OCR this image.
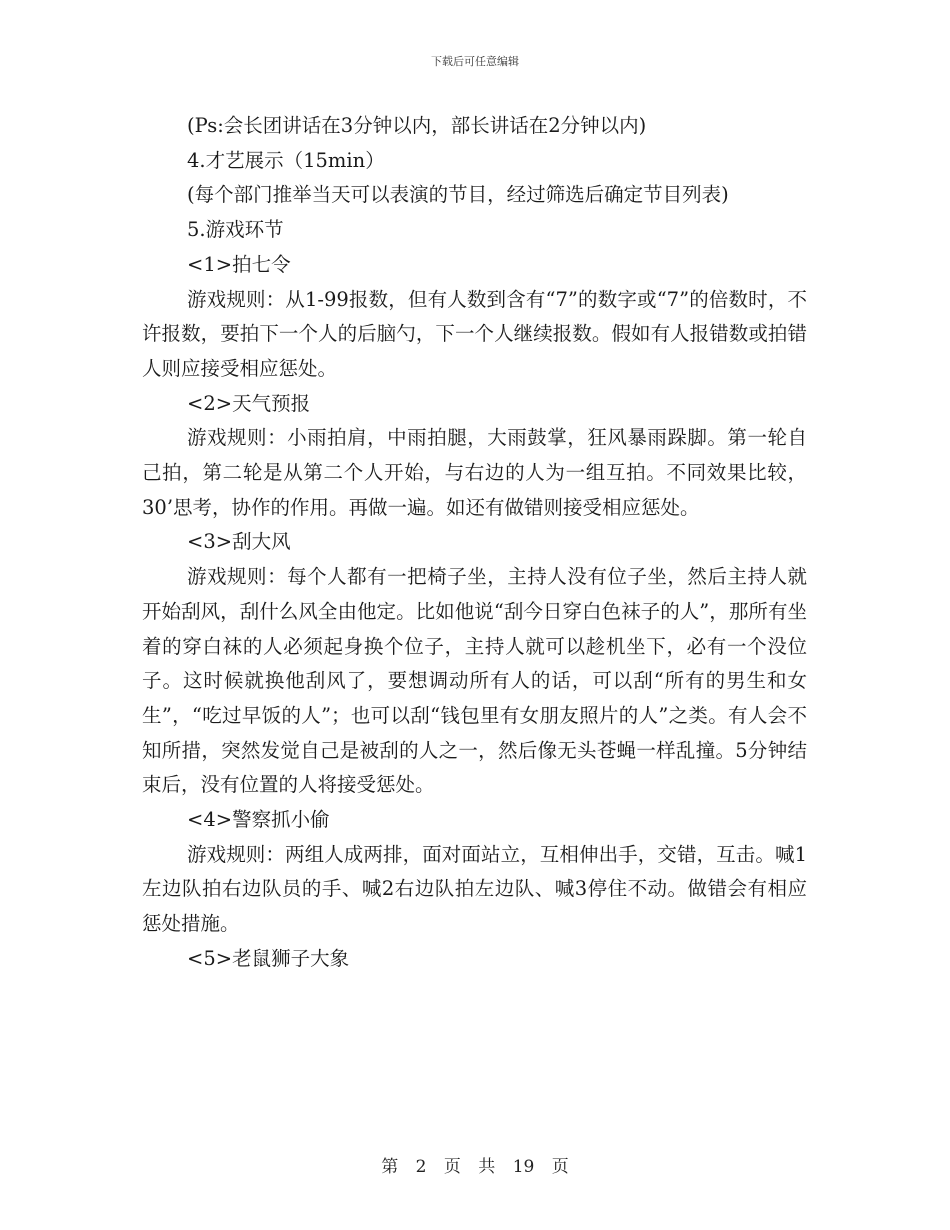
下载后可任意编辑

(Ps:会长团讲话在3分钟以内，部长讲话在2分钟以内)

4.才艺展示（15min）

(每个部门推举当天可以表演的节目，经过筛选后确定节目列表)

5.游戏环节

<1>拍七令

游戏规则：从1-99报数，但有人数到含有“7”的数字或“7”的倍数时，不许报数，要拍下一个人的后脑勺，下一个人继续报数。假如有人报错数或拍错人则应接受相应惩处。

<2>天气预报

游戏规则：小雨拍肩，中雨拍腿，大雨鼓掌，狂风暴雨跺脚。第一轮自己拍，第二轮是从第二个人开始，与右边的人为一组互拍。不同效果比较， 30’思考，协作的作用。再做一遍。如还有做错则接受相应惩处。

<3>刮大风

游戏规则：每个人都有一把椅子坐，主持人没有位子坐，然后主持人就开始刮风，刮什么风全由他定。比如他说“刮今日穿白色袜子的人”，那所有坐着的穿白袜的人必须起身换个位子，主持人就可以趁机坐下，必有一个没位子。这时候就换他刮风了，要想调动所有人的话，可以刮“所有的男生和女生”，“吃过早饭的人”；也可以刮“钱包里有女朋友照片的人”之类。有人会不知所措，突然发觉自己是被刮的人之一，然后像无头苍蝇一样乱撞。5分钟结束后，没有位置的人将接受惩处。

<4>警察抓小偷

游戏规则：两组人成两排，面对面站立，互相伸出手，交错，互击。喊1左边队拍右边队员的手、喊2右边队拍左边队、喊3停住不动。做错会有相应惩处措施。

<5>老鼠狮子大象

第 2 页 共 19 页
